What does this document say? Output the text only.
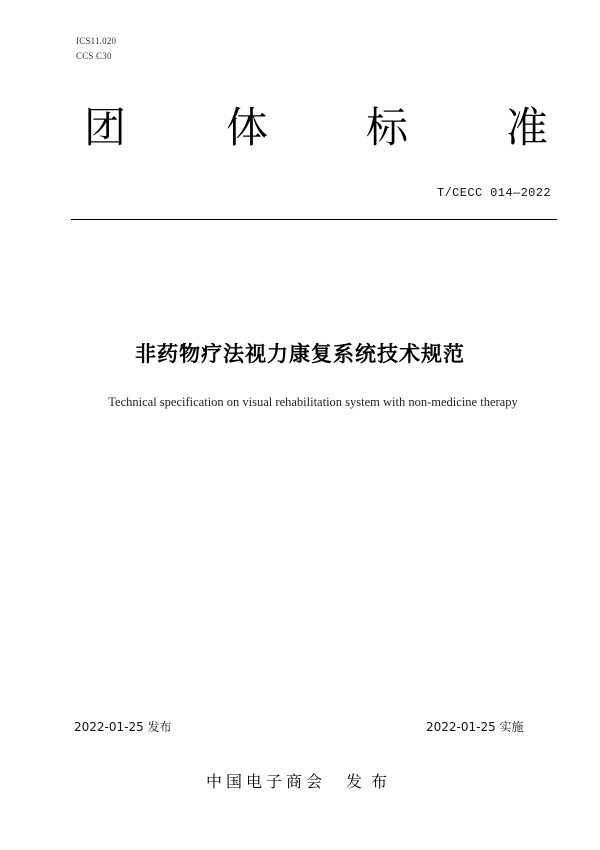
ICS11.020
CCS C30
团 体 标 准
T/CECC 014—2022
非药物疗法视力康复系统技术规范
Technical specification on visual rehabilitation system with non-medicine therapy
2022-01-25 发布	2022-01-25 实施
中国电子商会 发布
